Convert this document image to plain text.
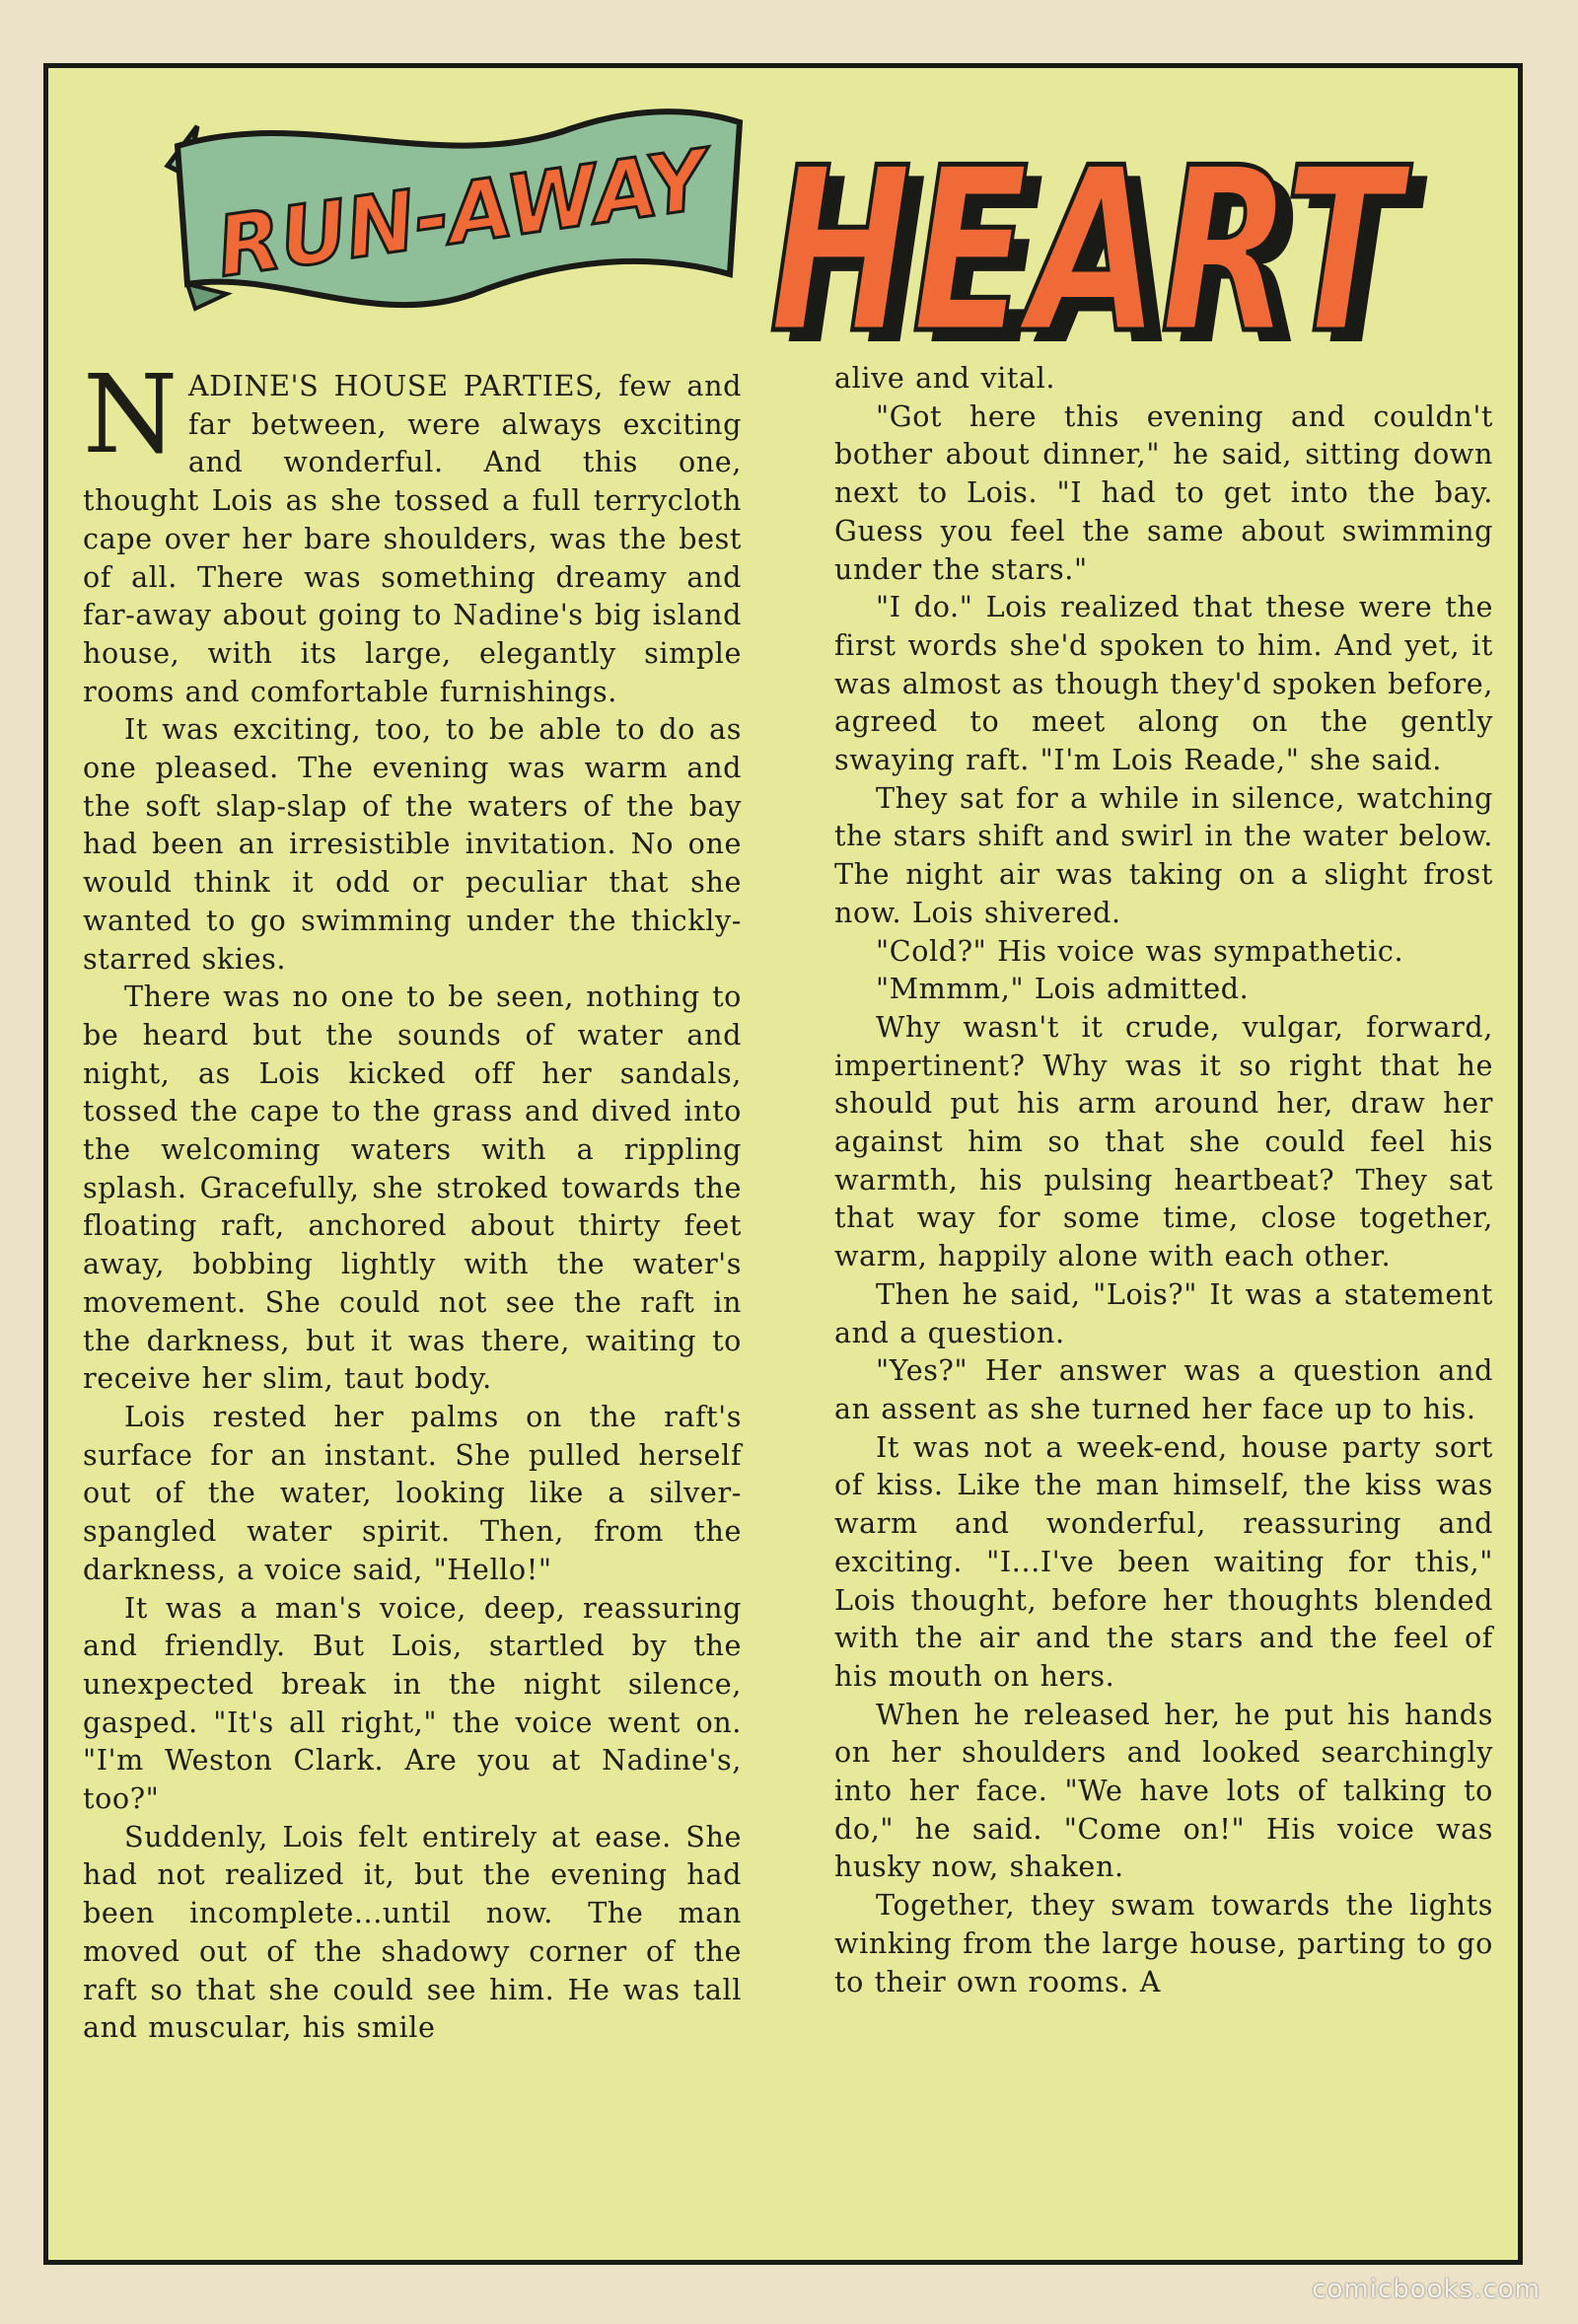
RUN-AWAY HEART
HEART

NADINE'S HOUSE PARTIES, few and far between, were always exciting and wonderful. And this one, thought Lois as she tossed a full terrycloth cape over her bare shoulders, was the best of all. There was something dreamy and far-away about going to Nadine's big island house, with its large, elegantly simple rooms and comfortable furnishings.

It was exciting, too, to be able to do as one pleased. The evening was warm and the soft slap-slap of the waters of the bay had been an irresistible invitation. No one would think it odd or peculiar that she wanted to go swimming under the thickly-starred skies.

There was no one to be seen, nothing to be heard but the sounds of water and night, as Lois kicked off her sandals, tossed the cape to the grass and dived into the welcoming waters with a rippling splash. Gracefully, she stroked towards the floating raft, anchored about thirty feet away, bobbing lightly with the water's movement. She could not see the raft in the darkness, but it was there, waiting to receive her slim, taut body.

Lois rested her palms on the raft's surface for an instant. She pulled herself out of the water, looking like a silver-spangled water spirit. Then, from the darkness, a voice said, "Hello!"

It was a man's voice, deep, reassuring and friendly. But Lois, startled by the unexpected break in the night silence, gasped. "It's all right," the voice went on. "I'm Weston Clark. Are you at Nadine's, too?"

Suddenly, Lois felt entirely at ease. She had not realized it, but the evening had been incomplete...until now. The man moved out of the shadowy corner of the raft so that she could see him. He was tall and muscular, his smile

alive and vital.

"Got here this evening and couldn't bother about dinner," he said, sitting down next to Lois. "I had to get into the bay. Guess you feel the same about swimming under the stars."

"I do." Lois realized that these were the first words she'd spoken to him. And yet, it was almost as though they'd spoken before, agreed to meet along on the gently swaying raft. "I'm Lois Reade," she said.

They sat for a while in silence, watching the stars shift and swirl in the water below. The night air was taking on a slight frost now. Lois shivered.

"Cold?" His voice was sympathetic.

"Mmmm," Lois admitted.

Why wasn't it crude, vulgar, forward, impertinent? Why was it so right that he should put his arm around her, draw her against him so that she could feel his warmth, his pulsing heartbeat? They sat that way for some time, close together, warm, happily alone with each other.

Then he said, "Lois?" It was a statement and a question.

"Yes?" Her answer was a question and an assent as she turned her face up to his.

It was not a week-end, house party sort of kiss. Like the man himself, the kiss was warm and wonderful, reassuring and exciting. "I...I've been waiting for this," Lois thought, before her thoughts blended with the air and the stars and the feel of his mouth on hers.

When he released her, he put his hands on her shoulders and looked searchingly into her face. "We have lots of talking to do," he said. "Come on!" His voice was husky now, shaken.

Together, they swam towards the lights winking from the large house, parting to go to their own rooms. A

comicbooks.com
